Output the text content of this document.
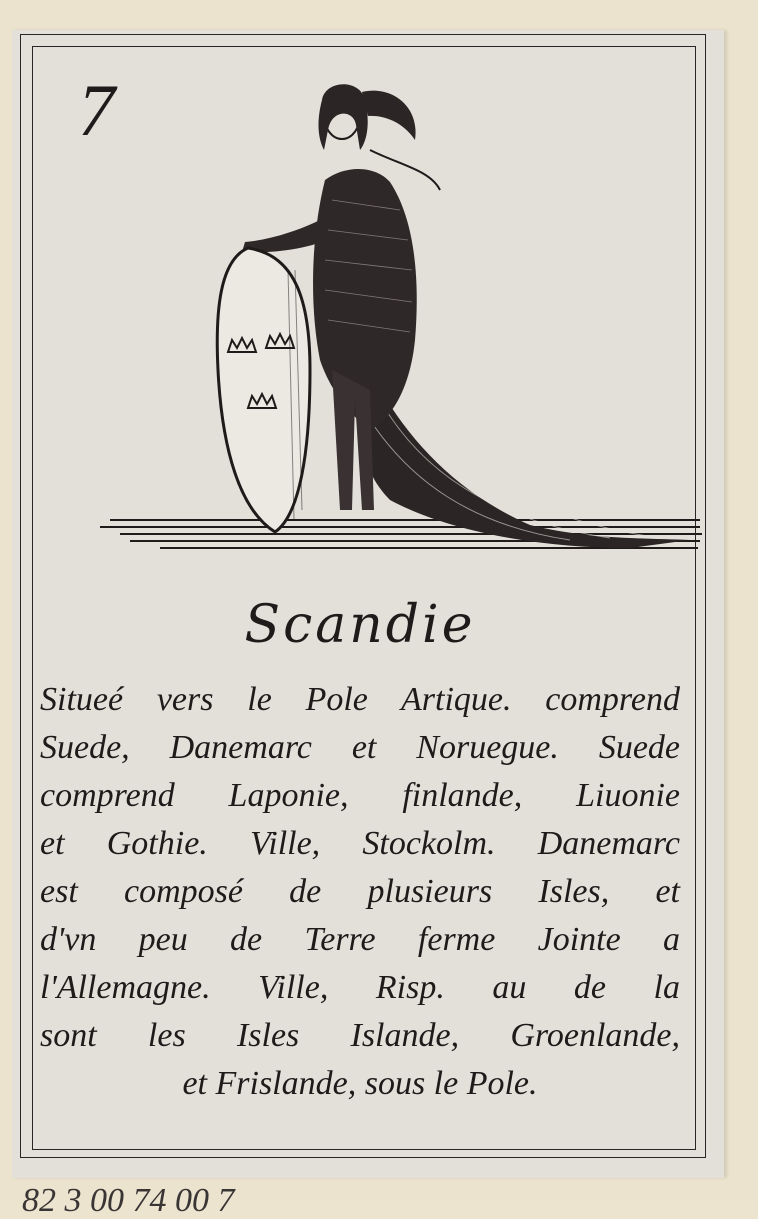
7
Scandie
Situeé vers le Pole Artique. comprend
Suede, Danemarc et Noruegue. Suede
comprend Laponie, finlande, Liuonie
et Gothie. Ville, Stockolm. Danemarc
est composé de plusieurs Isles, et
d'vn peu de Terre ferme Jointe a
l'Allemagne. Ville, Risp. au de la
sont les Isles Islande, Groenlande,
et Frislande, sous le Pole.
82 3 00 74 00 7
